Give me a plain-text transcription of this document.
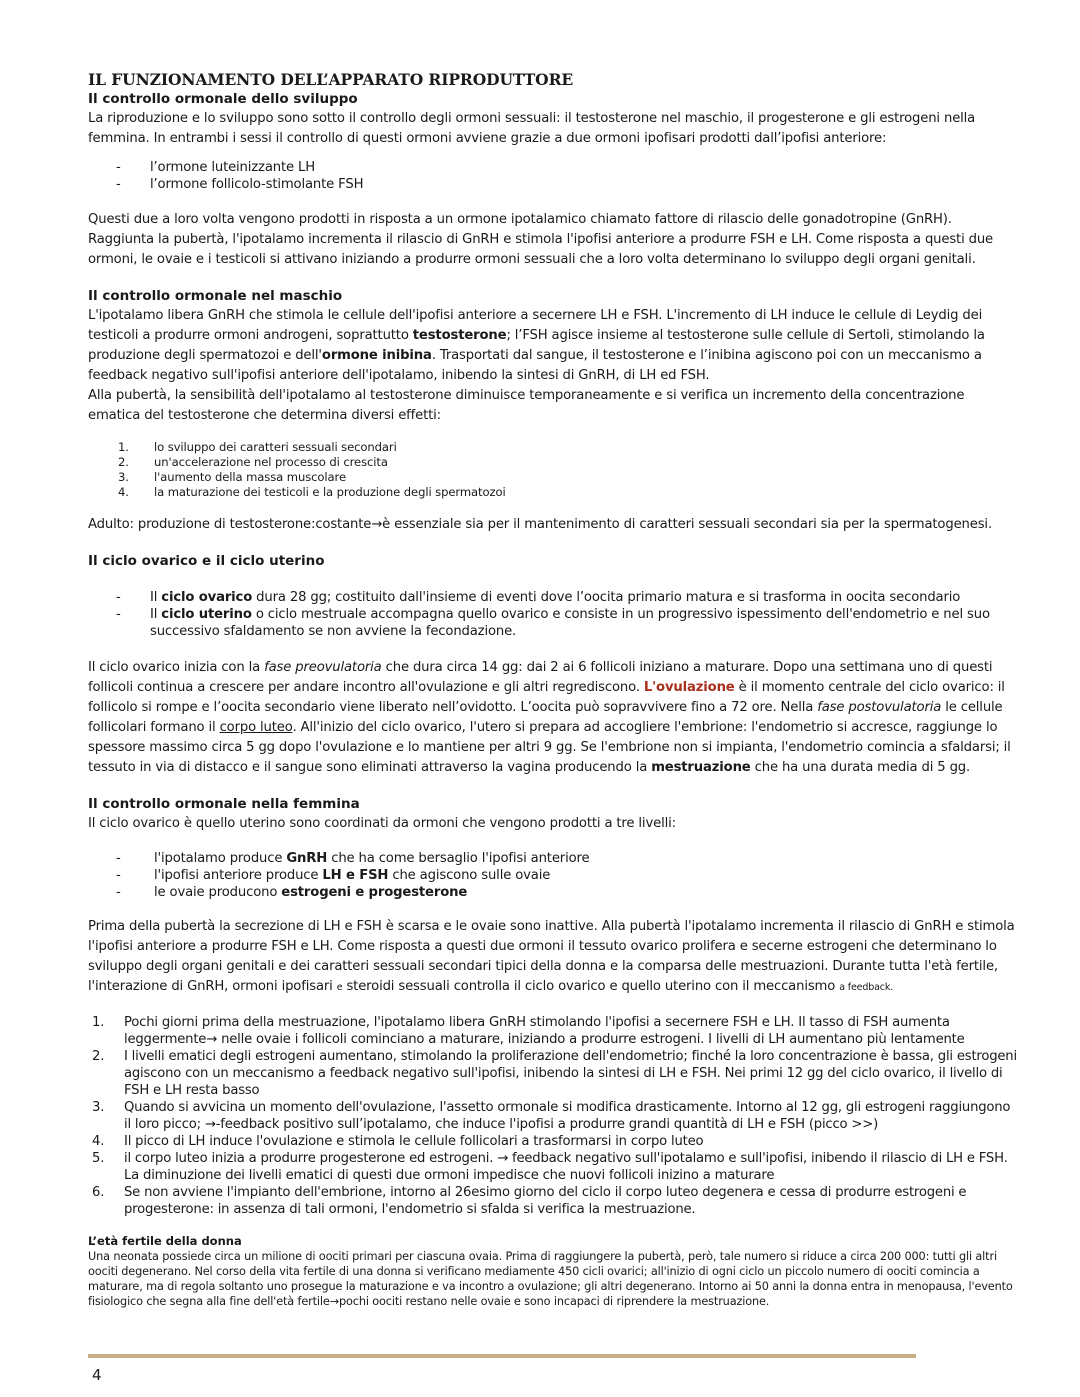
IL FUNZIONAMENTO DELL’APPARATO RIPRODUTTORE
Il controllo ormonale dello sviluppo

La riproduzione e lo sviluppo sono sotto il controllo degli ormoni sessuali: il testosterone nel maschio, il progesterone e gli estrogeni nella femmina. In entrambi i sessi il controllo di questi ormoni avviene grazie a due ormoni ipofisari prodotti dall’ipofisi anteriore:

- l’ormone luteinizzante LH
- l’ormone follicolo-stimolante FSH

Questi due a loro volta vengono prodotti in risposta a un ormone ipotalamico chiamato fattore di rilascio delle gonadotropine (GnRH). Raggiunta la pubertà, l'ipotalamo incrementa il rilascio di GnRH e stimola l'ipofisi anteriore a produrre FSH e LH. Come risposta a questi due ormoni, le ovaie e i testicoli si attivano iniziando a produrre ormoni sessuali che a loro volta determinano lo sviluppo degli organi genitali.

Il controllo ormonale nel maschio

L'ipotalamo libera GnRH che stimola le cellule dell'ipofisi anteriore a secernere LH e FSH. L'incremento di LH induce le cellule di Leydig dei testicoli a produrre ormoni androgeni, soprattutto testosterone; l’FSH agisce insieme al testosterone sulle cellule di Sertoli, stimolando la produzione degli spermatozoi e dell'ormone inibina. Trasportati dal sangue, il testosterone e l’inibina agiscono poi con un meccanismo a feedback negativo sull'ipofisi anteriore dell'ipotalamo, inibendo la sintesi di GnRH, di LH ed FSH.

Alla pubertà, la sensibilità dell'ipotalamo al testosterone diminuisce temporaneamente e si verifica un incremento della concentrazione ematica del testosterone che determina diversi effetti:

1. lo sviluppo dei caratteri sessuali secondari
2. un'accelerazione nel processo di crescita
3. l'aumento della massa muscolare
4. la maturazione dei testicoli e la produzione degli spermatozoi

Adulto: produzione di testosterone:costante→è essenziale sia per il mantenimento di caratteri sessuali secondari sia per la spermatogenesi.

Il ciclo ovarico e il ciclo uterino
- Il ciclo ovarico dura 28 gg; costituito dall'insieme di eventi dove l’oocita primario matura e si trasforma in oocita secondario
- Il ciclo uterino o ciclo mestruale accompagna quello ovarico e consiste in un progressivo ispessimento dell'endometrio e nel suo successivo sfaldamento se non avviene la fecondazione.

Il ciclo ovarico inizia con la fase preovulatoria che dura circa 14 gg: dai 2 ai 6 follicoli iniziano a maturare. Dopo una settimana uno di questi follicoli continua a crescere per andare incontro all'ovulazione e gli altri regrediscono. L'ovulazione è il momento centrale del ciclo ovarico: il follicolo si rompe e l’oocita secondario viene liberato nell’ovidotto. L’oocita può sopravvivere fino a 72 ore. Nella fase postovulatoria le cellule follicolari formano il corpo luteo. All'inizio del ciclo ovarico, l'utero si prepara ad accogliere l'embrione: l'endometrio si accresce, raggiunge lo spessore massimo circa 5 gg dopo l'ovulazione e lo mantiene per altri 9 gg. Se l'embrione non si impianta, l'endometrio comincia a sfaldarsi; il tessuto in via di distacco e il sangue sono eliminati attraverso la vagina producendo la mestruazione che ha una durata media di 5 gg.

Il controllo ormonale nella femmina

Il ciclo ovarico è quello uterino sono coordinati da ormoni che vengono prodotti a tre livelli:

-	l'ipotalamo produce GnRH che ha come bersaglio l'ipofisi anteriore
-	l'ipofisi anteriore produce LH e FSH che agiscono sulle ovaie
-	le ovaie producono estrogeni e progesterone

Prima della pubertà la secrezione di LH e FSH è scarsa e le ovaie sono inattive. Alla pubertà l'ipotalamo incrementa il rilascio di GnRH e stimola l'ipofisi anteriore a produrre FSH e LH. Come risposta a questi due ormoni il tessuto ovarico prolifera e secerne estrogeni che determinano lo sviluppo degli organi genitali e dei caratteri sessuali secondari tipici della donna e la comparsa delle mestruazioni. Durante tutta l'età fertile, l'interazione di GnRH, ormoni ipofisari e steroidi sessuali controlla il ciclo ovarico e quello uterino con il meccanismo a feedback.

1. Pochi giorni prima della mestruazione, l'ipotalamo libera GnRH stimolando l'ipofisi a secernere FSH e LH. Il tasso di FSH aumenta leggermente→ nelle ovaie i follicoli cominciano a maturare, iniziando a produrre estrogeni. I livelli di LH aumentano più lentamente
2. I livelli ematici degli estrogeni aumentano, stimolando la proliferazione dell'endometrio; finché la loro concentrazione è bassa, gli estrogeni agiscono con un meccanismo a feedback negativo sull'ipofisi, inibendo la sintesi di LH e FSH. Nei primi 12 gg del ciclo ovarico, il livello di FSH e LH resta basso
3. Quando si avvicina un momento dell'ovulazione, l'assetto ormonale si modifica drasticamente. Intorno al 12 gg, gli estrogeni raggiungono il loro picco; →-feedback positivo sull’ipotalamo, che induce l'ipofisi a produrre grandi quantità di LH e FSH (picco >>)
4. Il picco di LH induce l'ovulazione e stimola le cellule follicolari a trasformarsi in corpo luteo
5. il corpo luteo inizia a produrre progesterone ed estrogeni. → feedback negativo sull'ipotalamo e sull'ipofisi, inibendo il rilascio di LH e FSH. La diminuzione dei livelli ematici di questi due ormoni impedisce che nuovi follicoli inizino a maturare
6. Se non avviene l'impianto dell'embrione, intorno al 26esimo giorno del ciclo il corpo luteo degenera e cessa di produrre estrogeni e progesterone: in assenza di tali ormoni, l'endometrio si sfalda si verifica la mestruazione.
L’età fertile della donna

Una neonata possiede circa un milione di oociti primari per ciascuna ovaia. Prima di raggiungere la pubertà, però, tale numero si riduce a circa 200 000: tutti gli altri oociti degenerano. Nel corso della vita fertile di una donna si verificano mediamente 450 cicli ovarici; all'inizio di ogni ciclo un piccolo numero di oociti comincia a maturare, ma di regola soltanto uno prosegue la maturazione e va incontro a ovulazione; gli altri degenerano. Intorno ai 50 anni la donna entra in menopausa, l'evento fisiologico che segna alla fine dell'età fertile→pochi oociti restano nelle ovaie e sono incapaci di riprendere la mestruazione.

4
